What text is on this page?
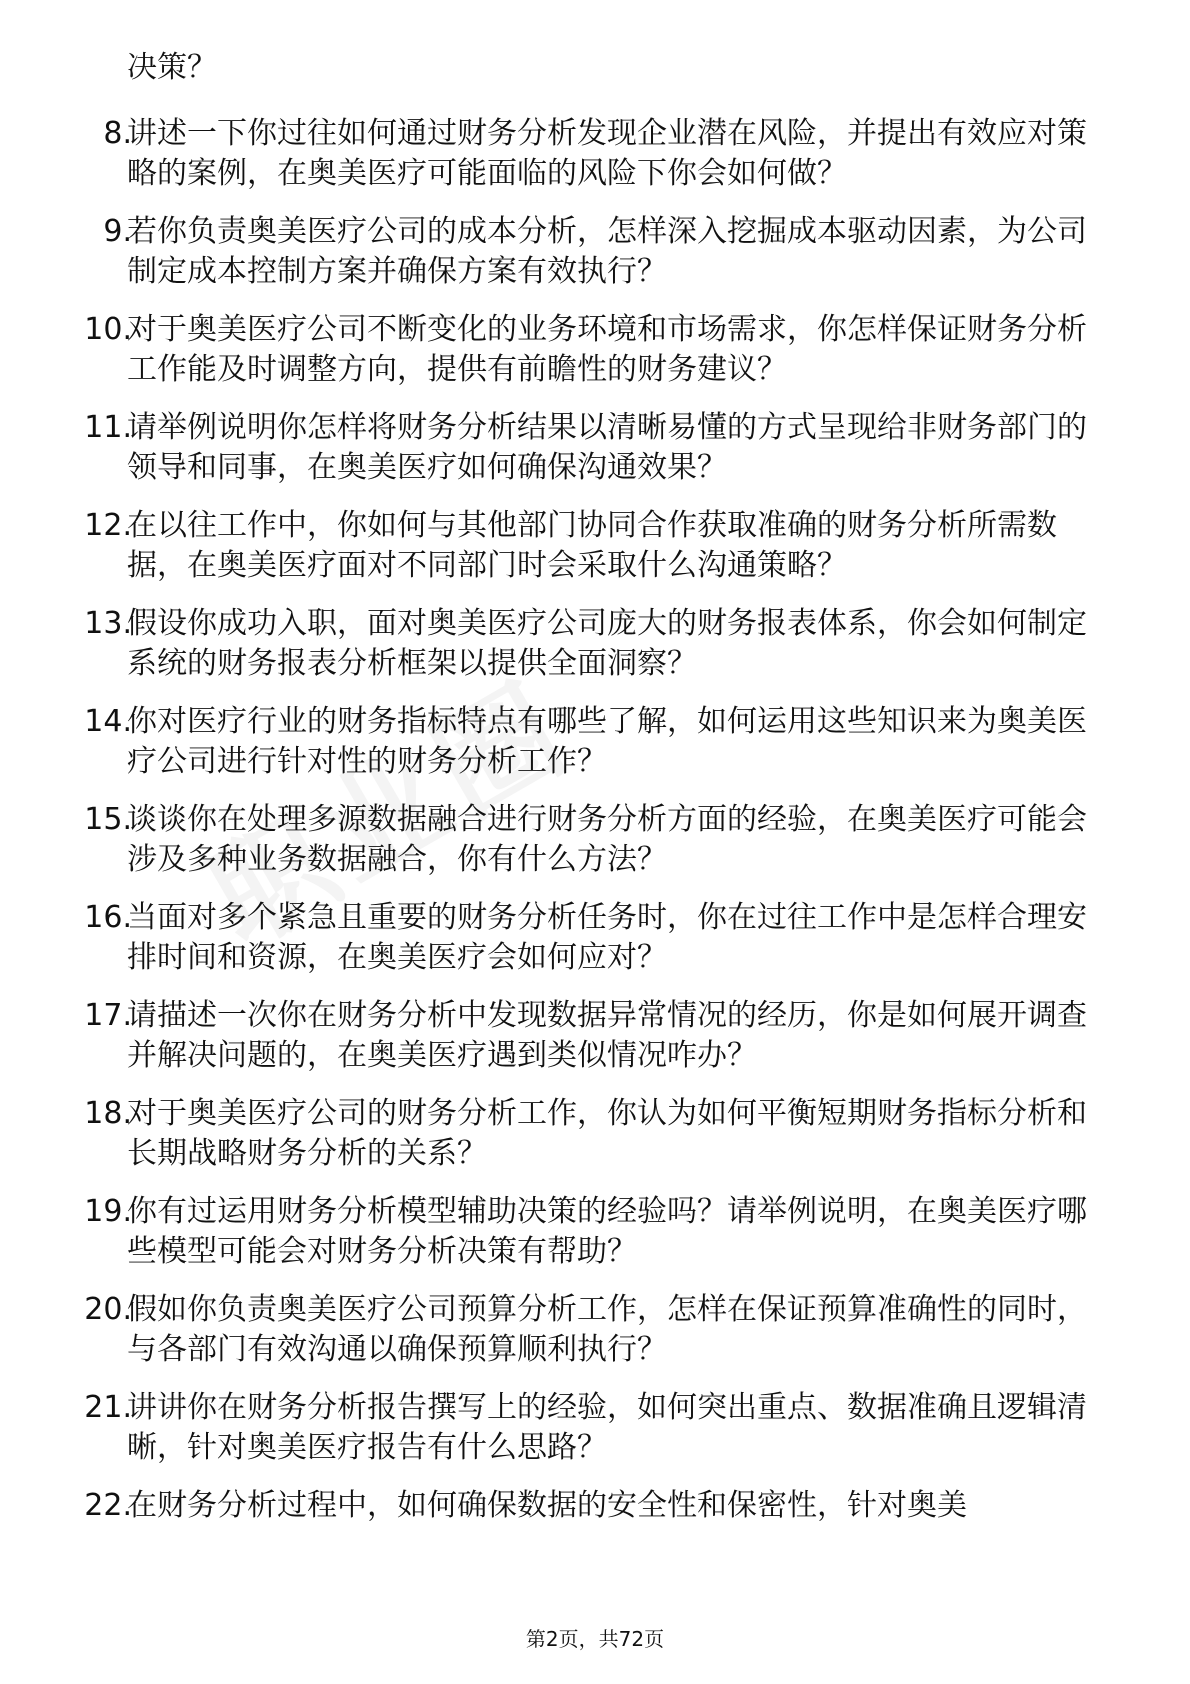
决策？
8.
讲述一下你过往如何通过财务分析发现企业潜在风险，并提出有效应对策略的案例，在奥美医疗可能面临的风险下你会如何做？
9.
若你负责奥美医疗公司的成本分析，怎样深入挖掘成本驱动因素，为公司制定成本控制方案并确保方案有效执行？
10.
对于奥美医疗公司不断变化的业务环境和市场需求，你怎样保证财务分析工作能及时调整方向，提供有前瞻性的财务建议？
11.
请举例说明你怎样将财务分析结果以清晰易懂的方式呈现给非财务部门的领导和同事，在奥美医疗如何确保沟通效果？
12.
在以往工作中，你如何与其他部门协同合作获取准确的财务分析所需数据，在奥美医疗面对不同部门时会采取什么沟通策略？
13.
假设你成功入职，面对奥美医疗公司庞大的财务报表体系，你会如何制定系统的财务报表分析框架以提供全面洞察？
14.
你对医疗行业的财务指标特点有哪些了解，如何运用这些知识来为奥美医疗公司进行针对性的财务分析工作？
15.
谈谈你在处理多源数据融合进行财务分析方面的经验，在奥美医疗可能会涉及多种业务数据融合，你有什么方法？
16.
当面对多个紧急且重要的财务分析任务时，你在过往工作中是怎样合理安排时间和资源，在奥美医疗会如何应对？
17.
请描述一次你在财务分析中发现数据异常情况的经历，你是如何展开调查并解决问题的，在奥美医疗遇到类似情况咋办？
18.
对于奥美医疗公司的财务分析工作，你认为如何平衡短期财务指标分析和长期战略财务分析的关系？
19.
你有过运用财务分析模型辅助决策的经验吗？请举例说明，在奥美医疗哪些模型可能会对财务分析决策有帮助？
20.
假如你负责奥美医疗公司预算分析工作，怎样在保证预算准确性的同时，与各部门有效沟通以确保预算顺利执行？
21.
讲讲你在财务分析报告撰写上的经验，如何突出重点、数据准确且逻辑清晰，针对奥美医疗报告有什么思路？
22.
在财务分析过程中，如何确保数据的安全性和保密性，针对奥美
第2页，共72页
